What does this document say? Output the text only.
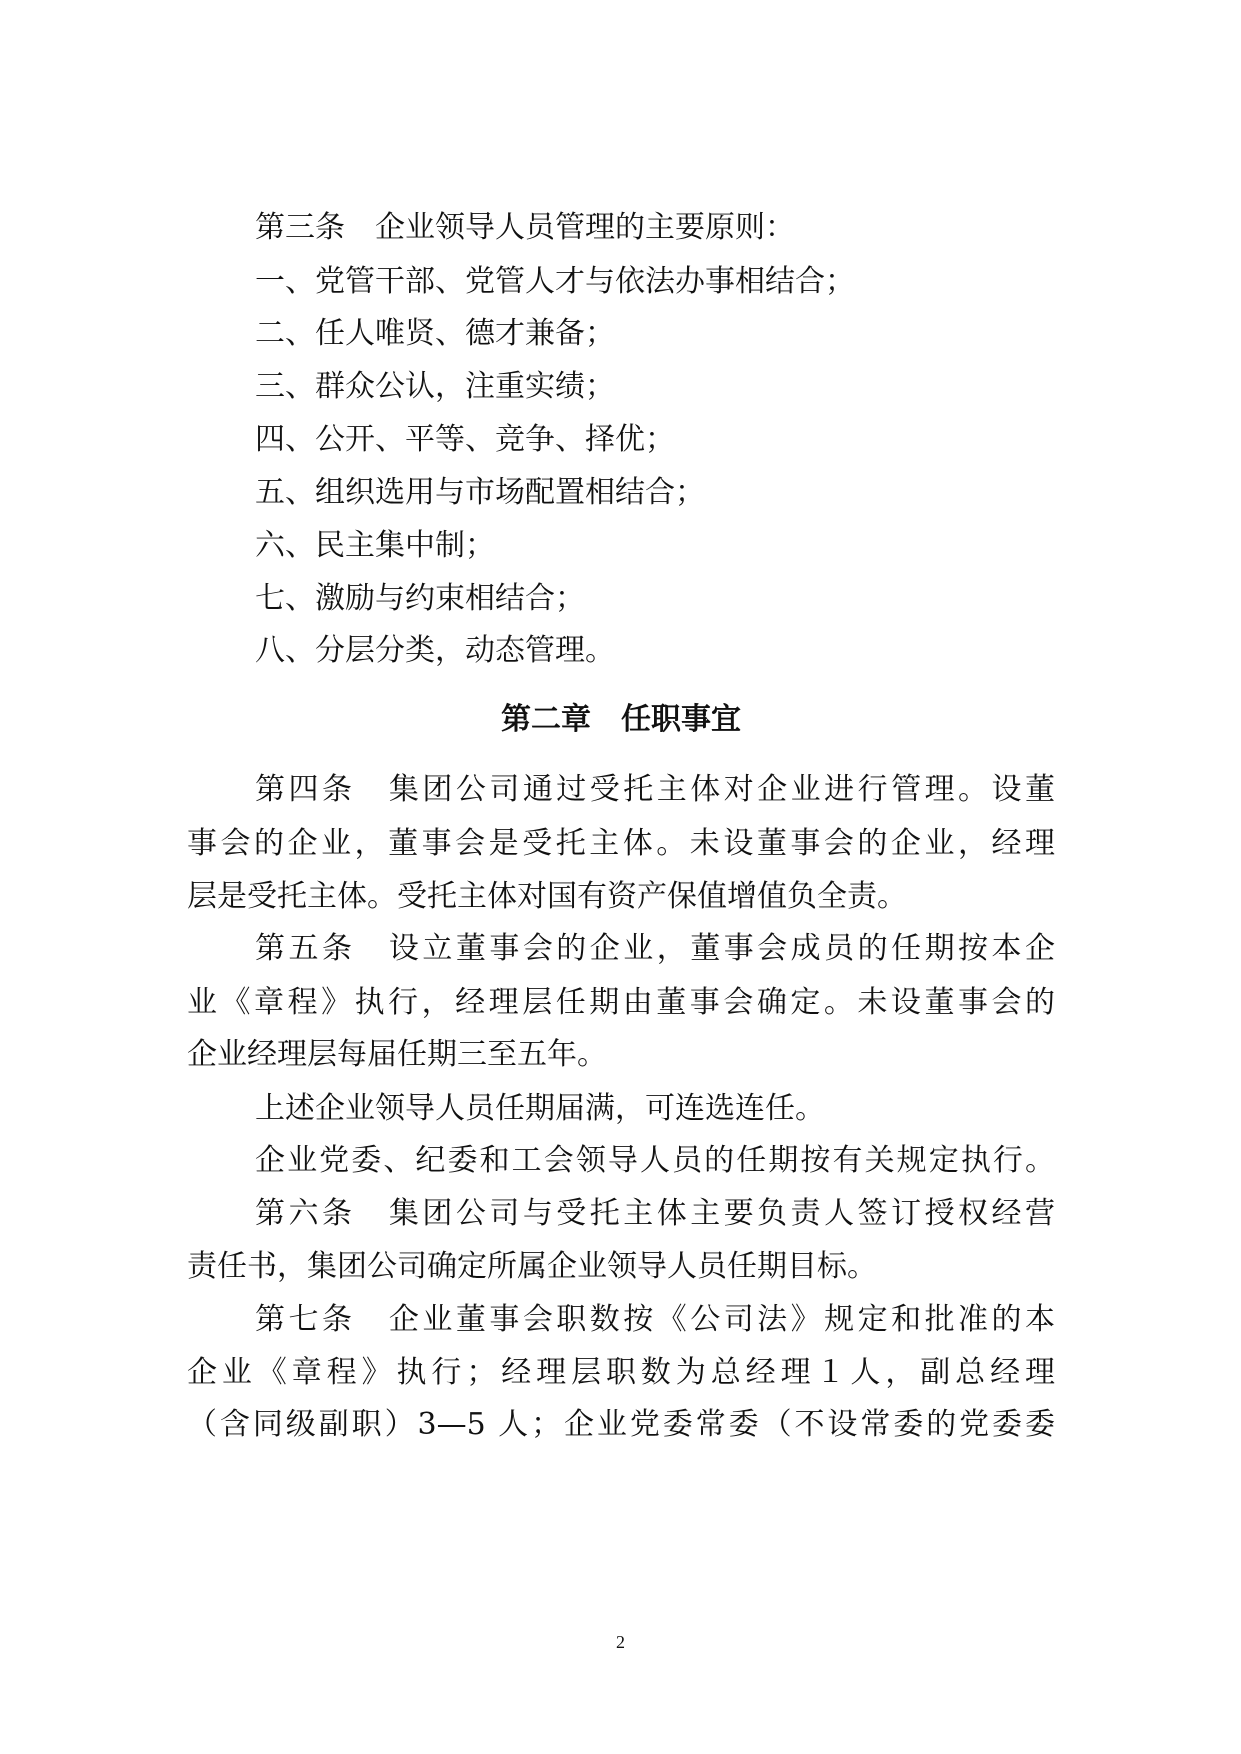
第三条　企业领导人员管理的主要原则：
一、党管干部、党管人才与依法办事相结合；
二、任人唯贤、德才兼备；
三、群众公认，注重实绩；
四、公开、平等、竞争、择优；
五、组织选用与市场配置相结合；
六、民主集中制；
七、激励与约束相结合；
八、分层分类，动态管理。
第二章　任职事宜
第四条　集团公司通过受托主体对企业进行管理。设董
事会的企业，董事会是受托主体。未设董事会的企业，经理
层是受托主体。受托主体对国有资产保值增值负全责。
第五条　设立董事会的企业，董事会成员的任期按本企
业《章程》执行，经理层任期由董事会确定。未设董事会的
企业经理层每届任期三至五年。
上述企业领导人员任期届满，可连选连任。
企业党委、纪委和工会领导人员的任期按有关规定执行。
第六条　集团公司与受托主体主要负责人签订授权经营
责任书，集团公司确定所属企业领导人员任期目标。
第七条　企业董事会职数按《公司法》规定和批准的本
企业《章程》执行；经理层职数为总经理１人，副总经理
（含同级副职）3—5 人；企业党委常委（不设常委的党委委
2
